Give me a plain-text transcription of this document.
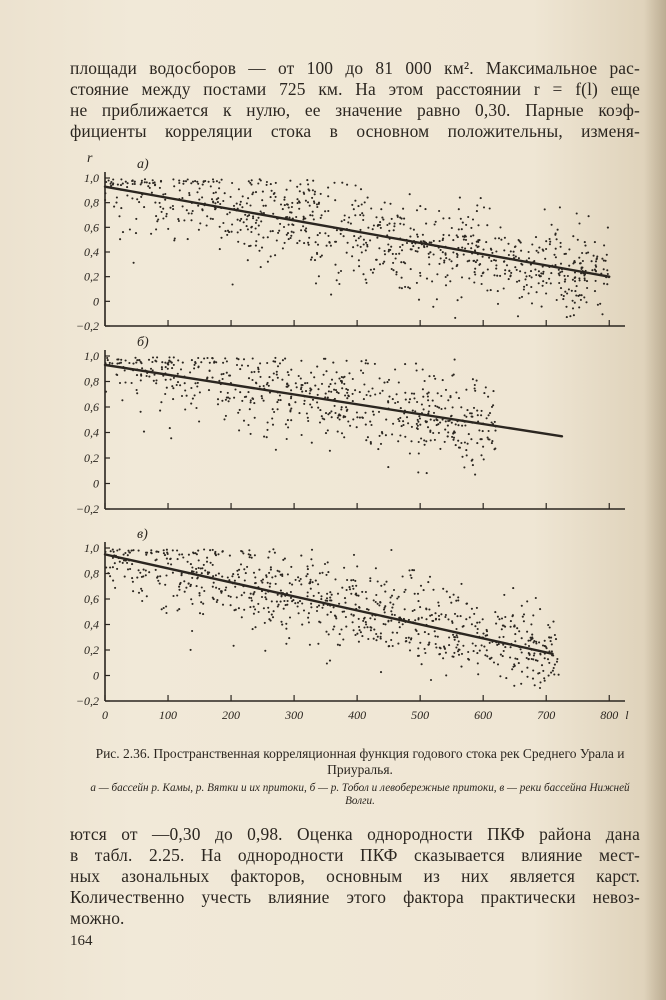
площади водосборов — от 100 до 81 000 км². Максимальное рас-
стояние между постами 725 км. На этом расстоянии r = f(l) еще
не приближается к нулю, ее значение равно 0,30. Парные коэф-
фициенты корреляции стока в основном положительны, изменя-
1,0
0,8
0,6
0,4
0,2
0
−0,2
а)
r
1,0
0,8
0,6
0,4
0,2
0
−0,2
б)
1,0
0,8
0,6
0,4
0,2
0
−0,2
в)
0	100	200	300	400	500	600	700	800 l
Рис. 2.36. Пространственная корреляционная функция годового стока рек Среднего Урала и Приуралья.
а — бассейн р. Камы, р. Вятки и их притоки, б — р. Тобол и левобережные притоки, в — реки бассейна Нижней Волги.
ются от —0,30 до 0,98. Оценка однородности ПКФ района дана
в табл. 2.25. На однородности ПКФ сказывается влияние мест-
ных азональных факторов, основным из них является карст.
Количественно учесть влияние этого фактора практически невоз-
можно.
164
